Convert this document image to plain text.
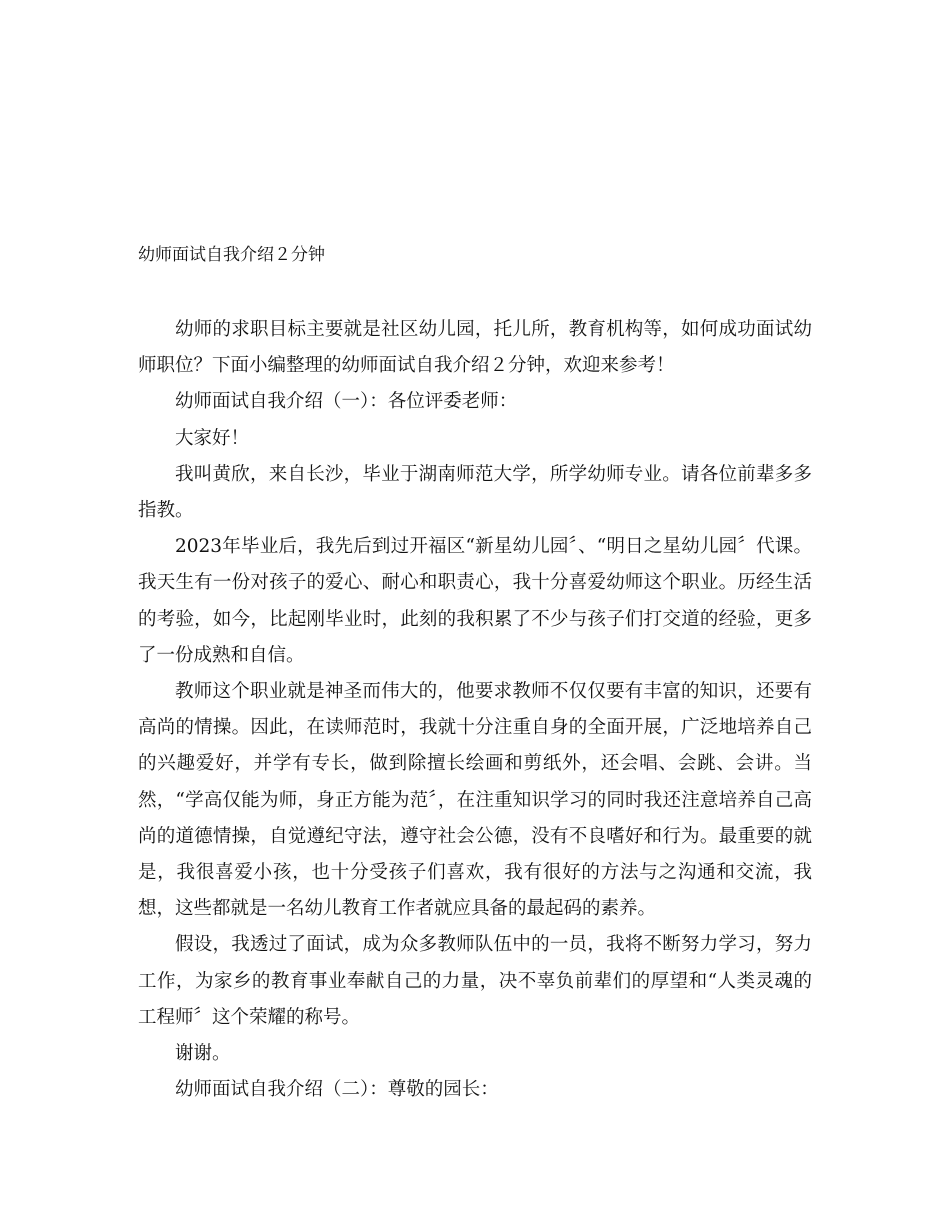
幼师面试自我介绍２分钟

幼师的求职目标主要就是社区幼儿园，托儿所，教育机构等，如何成功面试幼师职位？下面小编整理的幼师面试自我介绍２分钟，欢迎来参考！

幼师面试自我介绍（一）：各位评委老师：

大家好！

我叫黄欣，来自长沙，毕业于湖南师范大学，所学幼师专业。请各位前辈多多指教。

2023年毕业后，我先后到过开福区“新星幼儿园〞、“明日之星幼儿园〞代课。我天生有一份对孩子的爱心、耐心和职责心，我十分喜爱幼师这个职业。历经生活的考验，如今，比起刚毕业时，此刻的我积累了不少与孩子们打交道的经验，更多了一份成熟和自信。

教师这个职业就是神圣而伟大的，他要求教师不仅仅要有丰富的知识，还要有高尚的情操。因此，在读师范时，我就十分注重自身的全面开展，广泛地培养自己的兴趣爱好，并学有专长，做到除擅长绘画和剪纸外，还会唱、会跳、会讲。当然，“学高仅能为师，身正方能为范〞，在注重知识学习的同时我还注意培养自己高尚的道德情操，自觉遵纪守法，遵守社会公德，没有不良嗜好和行为。最重要的就是，我很喜爱小孩，也十分受孩子们喜欢，我有很好的方法与之沟通和交流，我想，这些都就是一名幼儿教育工作者就应具备的最起码的素养。

假设，我透过了面试，成为众多教师队伍中的一员，我将不断努力学习，努力工作，为家乡的教育事业奉献自己的力量，决不辜负前辈们的厚望和“人类灵魂的工程师〞这个荣耀的称号。

谢谢。

幼师面试自我介绍（二）：尊敬的园长：
